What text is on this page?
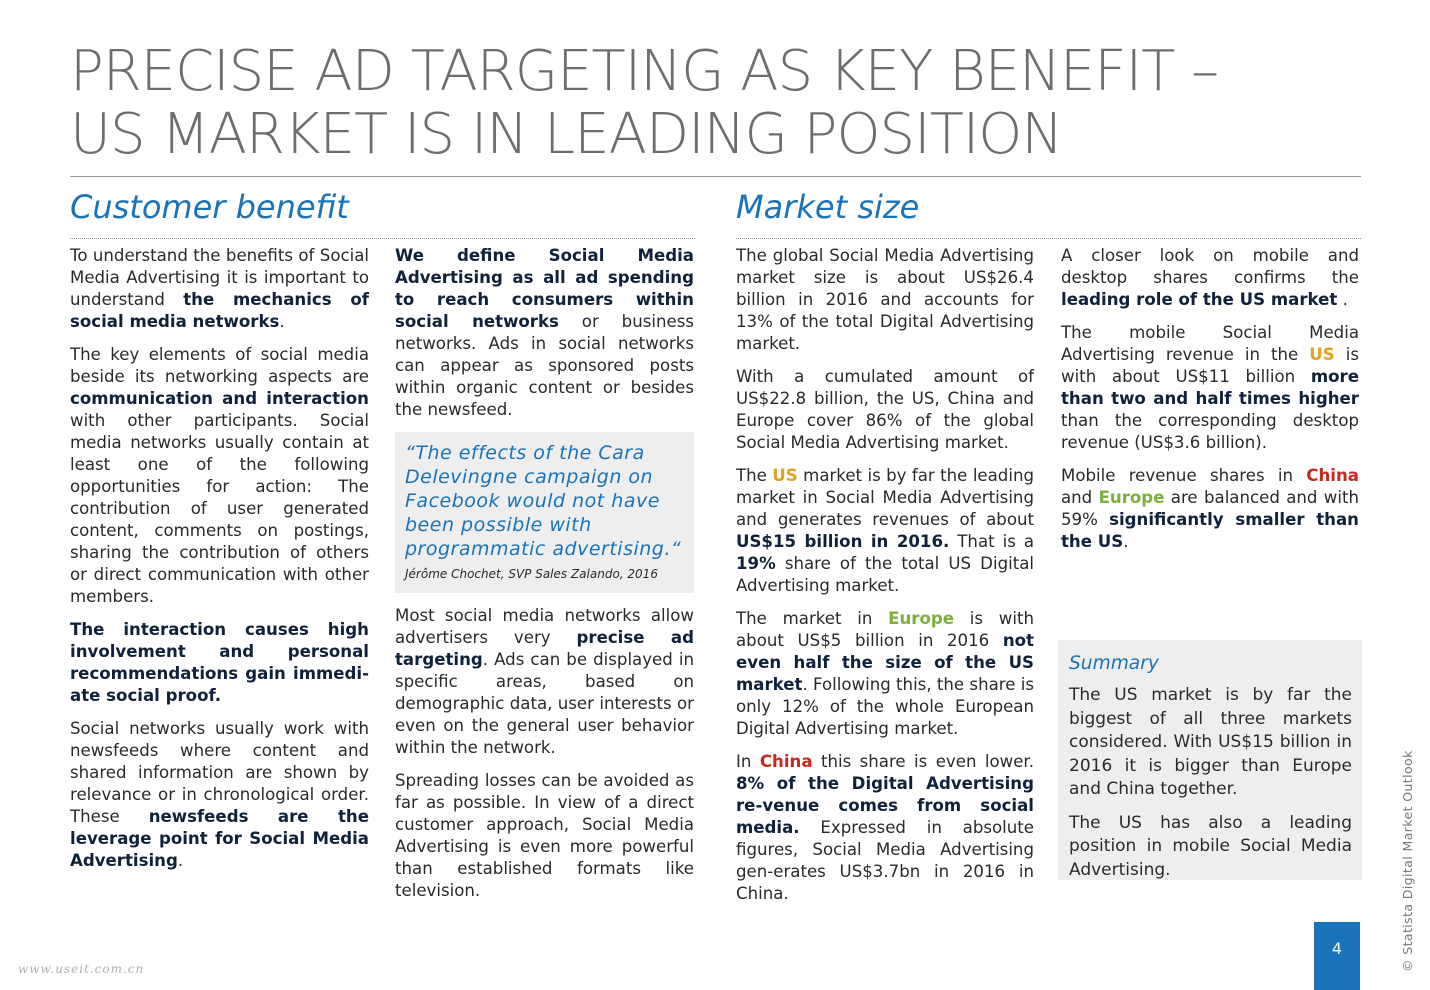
PRECISE AD TARGETING AS KEY BENEFIT –
US MARKET IS IN LEADING POSITION
Customer benefit	Market size

To understand the benefits of Social Media Advertising it is important to understand the mechanics of social media networks.

The key elements of social media beside its networking aspects are communication and interaction with other participants. Social media networks usually contain at least one of the following opportunities for action: The contribution of user generated content, comments on postings, sharing the contribution of others or direct communication with other members.

The interaction causes high involvement and personal recommendations gain immedi-ate social proof.

Social networks usually work with newsfeeds where content and shared information are shown by relevance or in chronological order. These newsfeeds are the leverage point for Social Media Advertising.

We define Social Media Advertising as all ad spending to reach consumers within social networks or business networks. Ads in social networks can appear as sponsored posts within organic content or besides the newsfeed.

“The effects of the Cara Delevingne campaign on Facebook would not have been possible with programmatic advertising.“
Jérôme Chochet, SVP Sales Zalando, 2016

Most social media networks allow advertisers very precise ad targeting. Ads can be displayed in specific areas, based on demographic data, user interests or even on the general user behavior within the network.

Spreading losses can be avoided as far as possible. In view of a direct customer approach, Social Media Advertising is even more powerful than established formats like television.

The global Social Media Advertising market size is about US$26.4 billion in 2016 and accounts for 13% of the total Digital Advertising market.

With a cumulated amount of US$22.8 billion, the US, China and Europe cover 86% of the global Social Media Advertising market.

The US market is by far the leading market in Social Media Advertising and generates revenues of about US$15 billion in 2016. That is a 19% share of the total US Digital Advertising market.

The market in Europe is with about US$5 billion in 2016 not even half the size of the US market. Following this, the share is only 12% of the whole European Digital Advertising market.

In China this share is even lower. 8% of the Digital Advertising re-venue comes from social media. Expressed in absolute figures, Social Media Advertising gen-erates US$3.7bn in 2016 in China.

A closer look on mobile and desktop shares confirms the leading role of the US market .

The mobile Social Media Advertising revenue in the US is with about US$11 billion more than two and half times higher than the corresponding desktop revenue (US$3.6 billion).

Mobile revenue shares in China and Europe are balanced and with 59% significantly smaller than the US.

Summary

The US market is by far the biggest of all three markets considered. With US$15 billion in 2016 it is bigger than Europe and China together.

The US has also a leading position in mobile Social Media Advertising.

4	© Statista Digital Market Outlook
www.useit.com.cn
